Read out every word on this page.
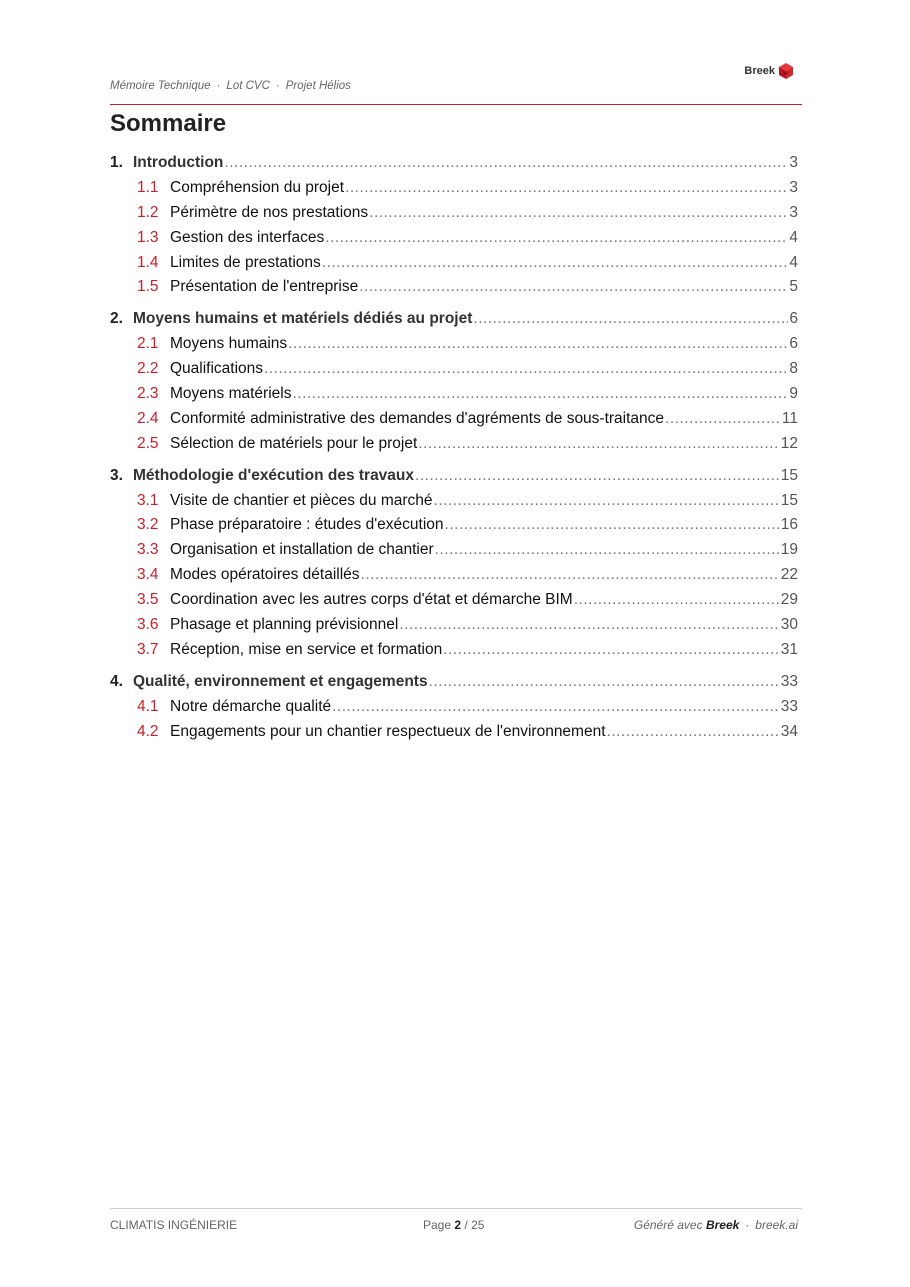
Mémoire Technique · Lot CVC · Projet Hélios
Breek
Sommaire
1. Introduction .....	3
1.1 Compréhension du projet .....	3
1.2 Périmètre de nos prestations .....	3
1.3 Gestion des interfaces .....	4
1.4 Limites de prestations .....	4
1.5 Présentation de l'entreprise .....	5
2. Moyens humains et matériels dédiés au projet .....	6
2.1 Moyens humains .....	6
2.2 Qualifications .....	8
2.3 Moyens matériels .....	9
2.4 Conformité administrative des demandes d'agréments de sous-traitance .....	11
2.5 Sélection de matériels pour le projet .....	12
3. Méthodologie d'exécution des travaux .....	15
3.1 Visite de chantier et pièces du marché .....	15
3.2 Phase préparatoire : études d'exécution .....	16
3.3 Organisation et installation de chantier .....	19
3.4 Modes opératoires détaillés .....	22
3.5 Coordination avec les autres corps d'état et démarche BIM .....	29
3.6 Phasage et planning prévisionnel .....	30
3.7 Réception, mise en service et formation .....	31
4. Qualité, environnement et engagements .....	33
4.1 Notre démarche qualité .....	33
4.2 Engagements pour un chantier respectueux de l'environnement .....	34
CLIMATIS INGÉNIERIE	Page 2 / 25	Généré avec Breek · breek.ai
